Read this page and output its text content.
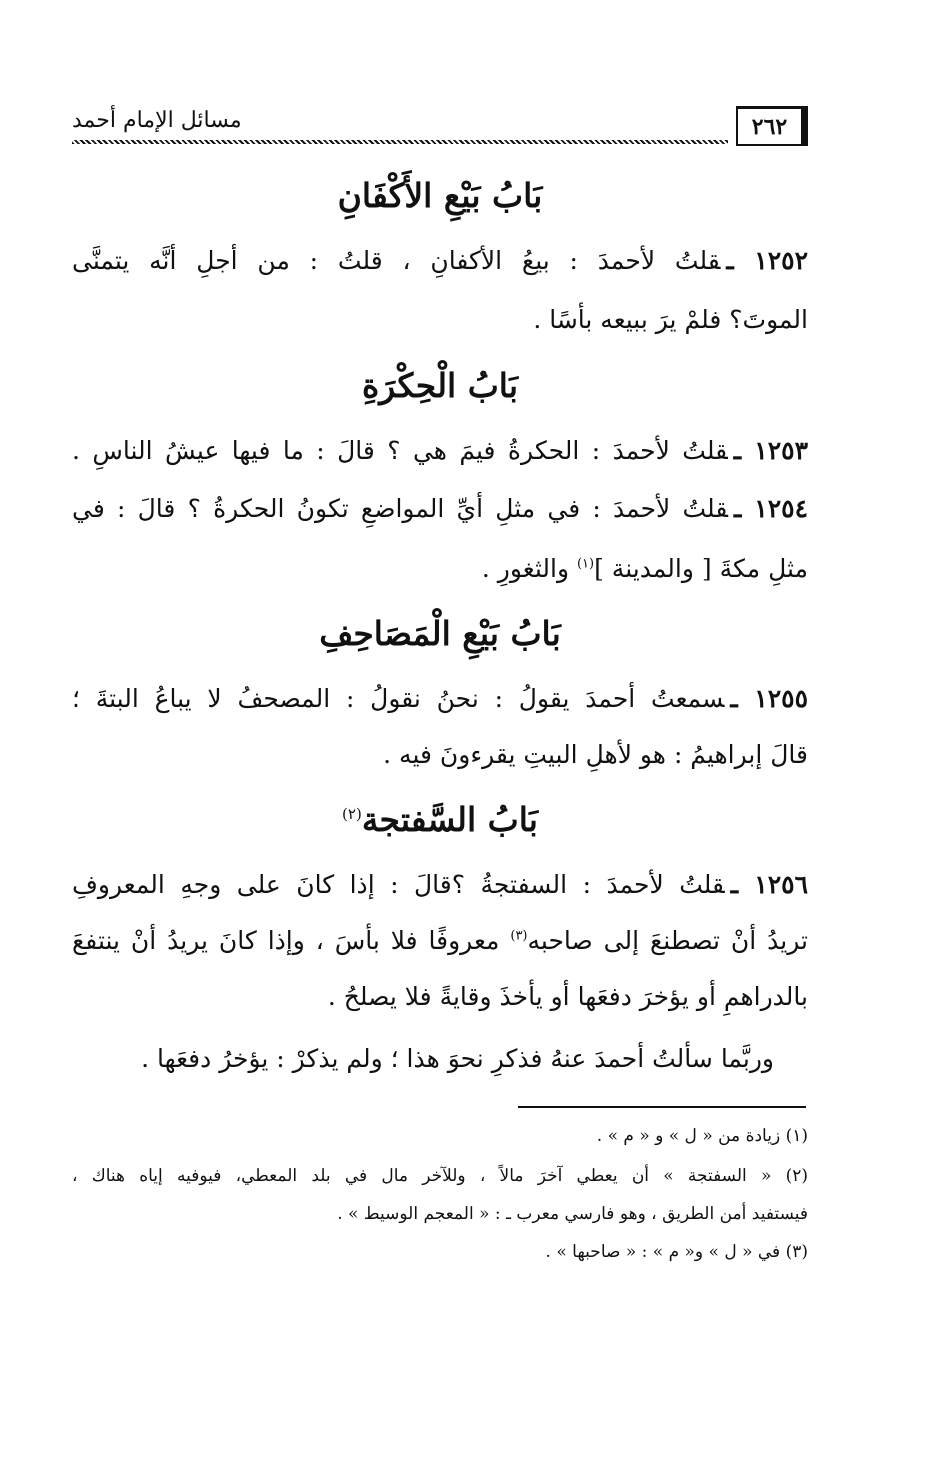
٢٦٢
مسائل الإمام أحمد
بَابُ بَيْعِ الأَكْفَانِ
١٢٥٢ ـقلتُ لأحمدَ : بيعُ الأكفانِ ، قلتُ : من أجلِ أنَّه يتمنَّى
الموتَ؟ فلمْ يرَ ببيعه بأسًا .
بَابُ الْحِكْرَةِ
١٢٥٣ ـقلتُ لأحمدَ : الحكرةُ فيمَ هي ؟ قالَ : ما فيها عيشُ الناسِ .
١٢٥٤ ـقلتُ لأحمدَ : في مثلِ أيِّ المواضعِ تكونُ الحكرةُ ؟ قالَ : في
مثلِ مكةَ [ والمدينة ]$^{(١)}$ والثغورِ .
بَابُ بَيْعِ الْمَصَاحِفِ
١٢٥٥ ـسمعتُ أحمدَ يقولُ : نحنُ نقولُ : المصحفُ لا يباعُ البتةَ ؛
قالَ إبراهيمُ : هو لأهلِ البيتِ يقرءونَ فيه .
بَابُ السَّفتجة$^{(٢)}$
١٢٥٦ ـقلتُ لأحمدَ : السفتجةُ ؟قالَ : إذا كانَ على وجهِ المعروفِ
تريدُ أنْ تصطنعَ إلى صاحبه$^{(٣)}$ معروفًا فلا بأسَ ، وإذا كانَ يريدُ أنْ ينتفعَ
بالدراهمِ أو يؤخرَ دفعَها أو يأخذَ وقايةً فلا يصلحُ .
وربَّما سألتُ أحمدَ عنهُ فذكرِ نحوَ هذا ؛ ولم يذكرْ : يؤخرُ دفعَها .
(١) زيادة من « ل » و « م » .
(٢) « السفتجة » أن يعطي آخرَ مالاً ، وللآخر مال في بلد المعطي، فيوفيه إياه هناك ،
فيستفيد أمن الطريق ، وهو فارسي معرب ـ : « المعجم الوسيط » .
(٣) في « ل » و« م » : « صاحبها » .
